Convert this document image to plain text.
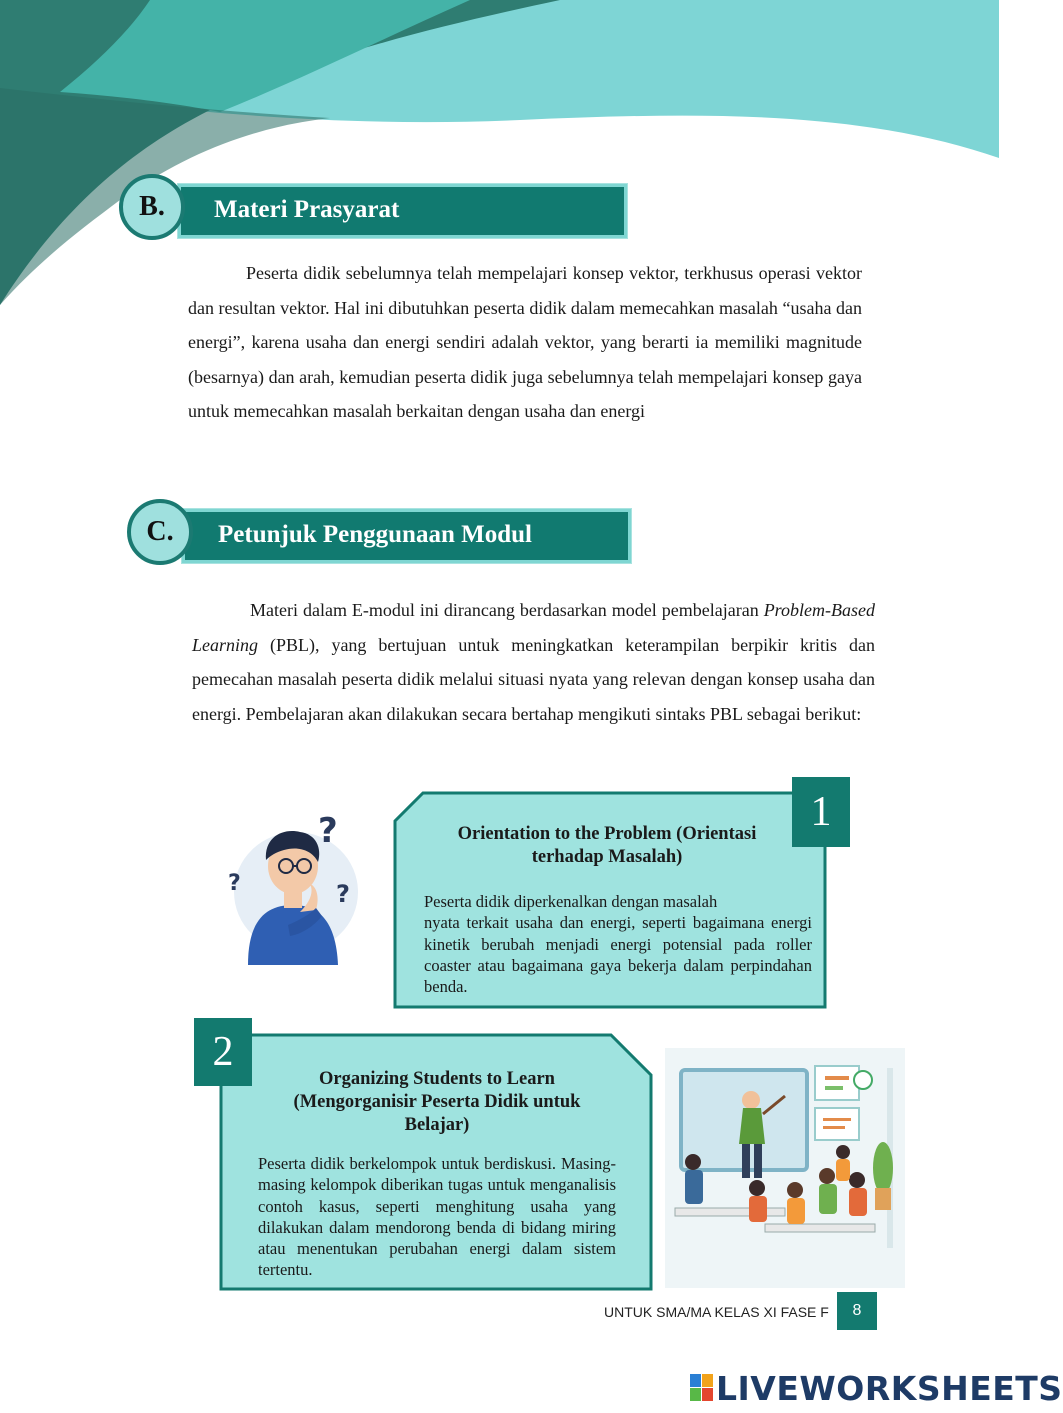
Materi Prasyarat
B.
Peserta didik sebelumnya telah mempelajari konsep vektor, terkhusus operasi vektor dan resultan vektor. Hal ini dibutuhkan peserta didik dalam memecahkan masalah “usaha dan energi”, karena usaha dan energi sendiri adalah vektor, yang berarti ia memiliki magnitude (besarnya) dan arah, kemudian peserta didik juga sebelumnya telah mempelajari konsep gaya untuk memecahkan masalah berkaitan dengan usaha dan energi
Petunjuk Penggunaan Modul
C.
Materi dalam E-modul ini dirancang berdasarkan model pembelajaran Problem-Based Learning (PBL), yang bertujuan untuk meningkatkan keterampilan berpikir kritis dan pemecahan masalah peserta didik melalui situasi nyata yang relevan dengan konsep usaha dan energi. Pembelajaran akan dilakukan secara bertahap mengikuti sintaks PBL sebagai berikut:
?
?	?
Orientation to the Problem (Orientasi terhadap Masalah)
Peserta didik diperkenalkan dengan masalah
nyata terkait usaha dan energi, seperti bagaimana energi kinetik berubah menjadi energi potensial pada roller coaster atau bagaimana gaya bekerja dalam perpindahan benda.
1
2
Organizing Students to Learn (Mengorganisir Peserta Didik untuk Belajar)
Peserta didik berkelompok untuk berdiskusi. Masing-masing kelompok diberikan tugas untuk menganalisis contoh kasus, seperti menghitung usaha yang dilakukan dalam mendorong benda di bidang miring atau menentukan perubahan energi dalam sistem tertentu.
UNTUK SMA/MA KELAS XI FASE F 8
LIVEWORKSHEETS
